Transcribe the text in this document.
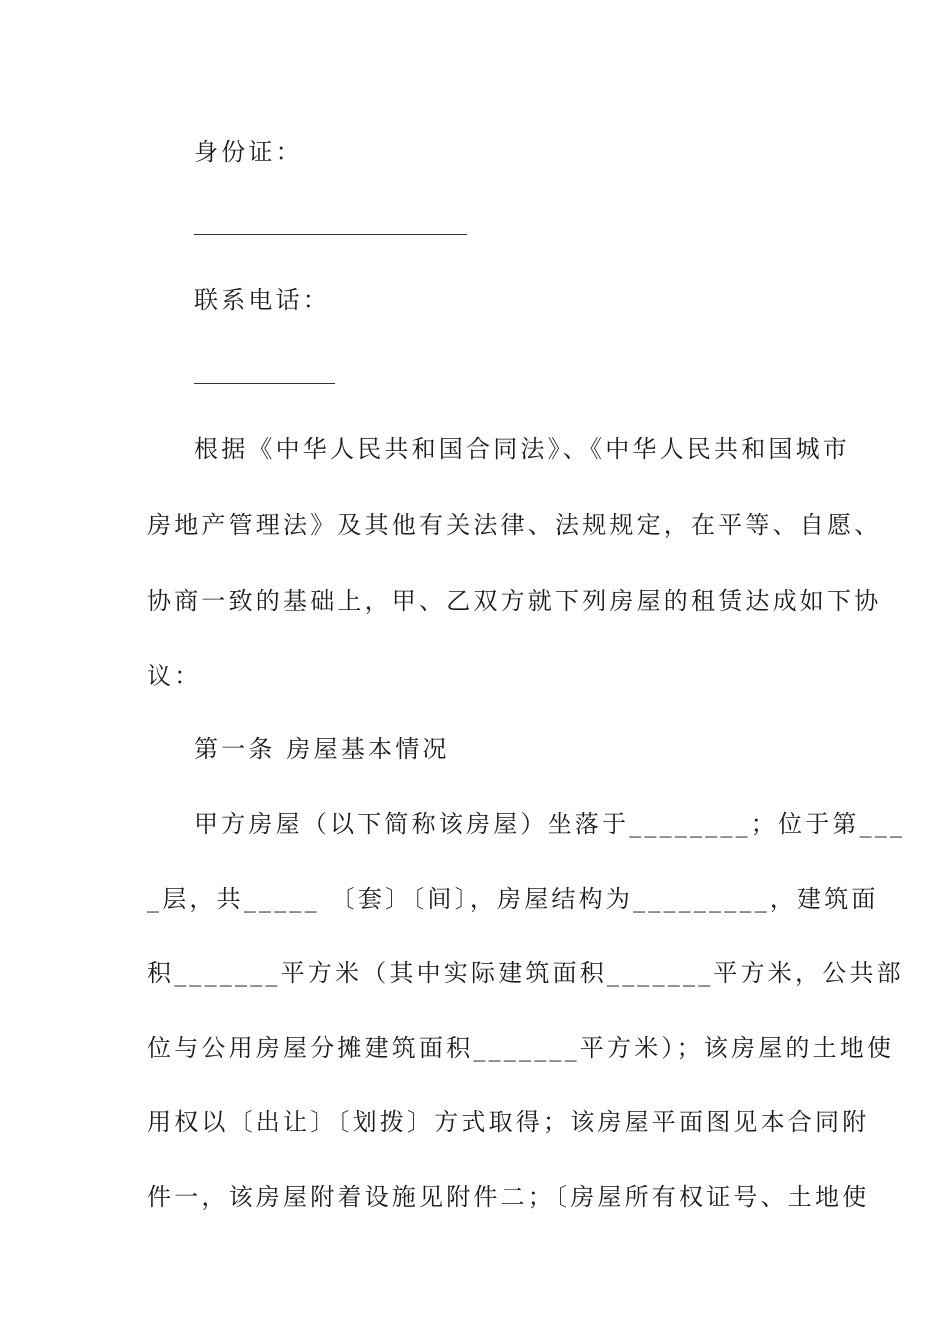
身份证：
联系电话：
根据《中华人民共和国合同法》、《中华人民共和国城市
房地产管理法》及其他有关法律、法规规定，在平等、自愿、
协商一致的基础上，甲、乙双方就下列房屋的租赁达成如下协
议：
第一条 房屋基本情况
甲方房屋（以下简称该房屋）坐落于________；位于第___
_层，共_____ 〔套〕〔间〕，房屋结构为_________，建筑面
积_______平方米（其中实际建筑面积_______平方米，公共部
位与公用房屋分摊建筑面积_______平方米）；该房屋的土地使
用权以〔出让〕〔划拨〕方式取得；该房屋平面图见本合同附
件一，该房屋附着设施见附件二；〔房屋所有权证号、土地使
